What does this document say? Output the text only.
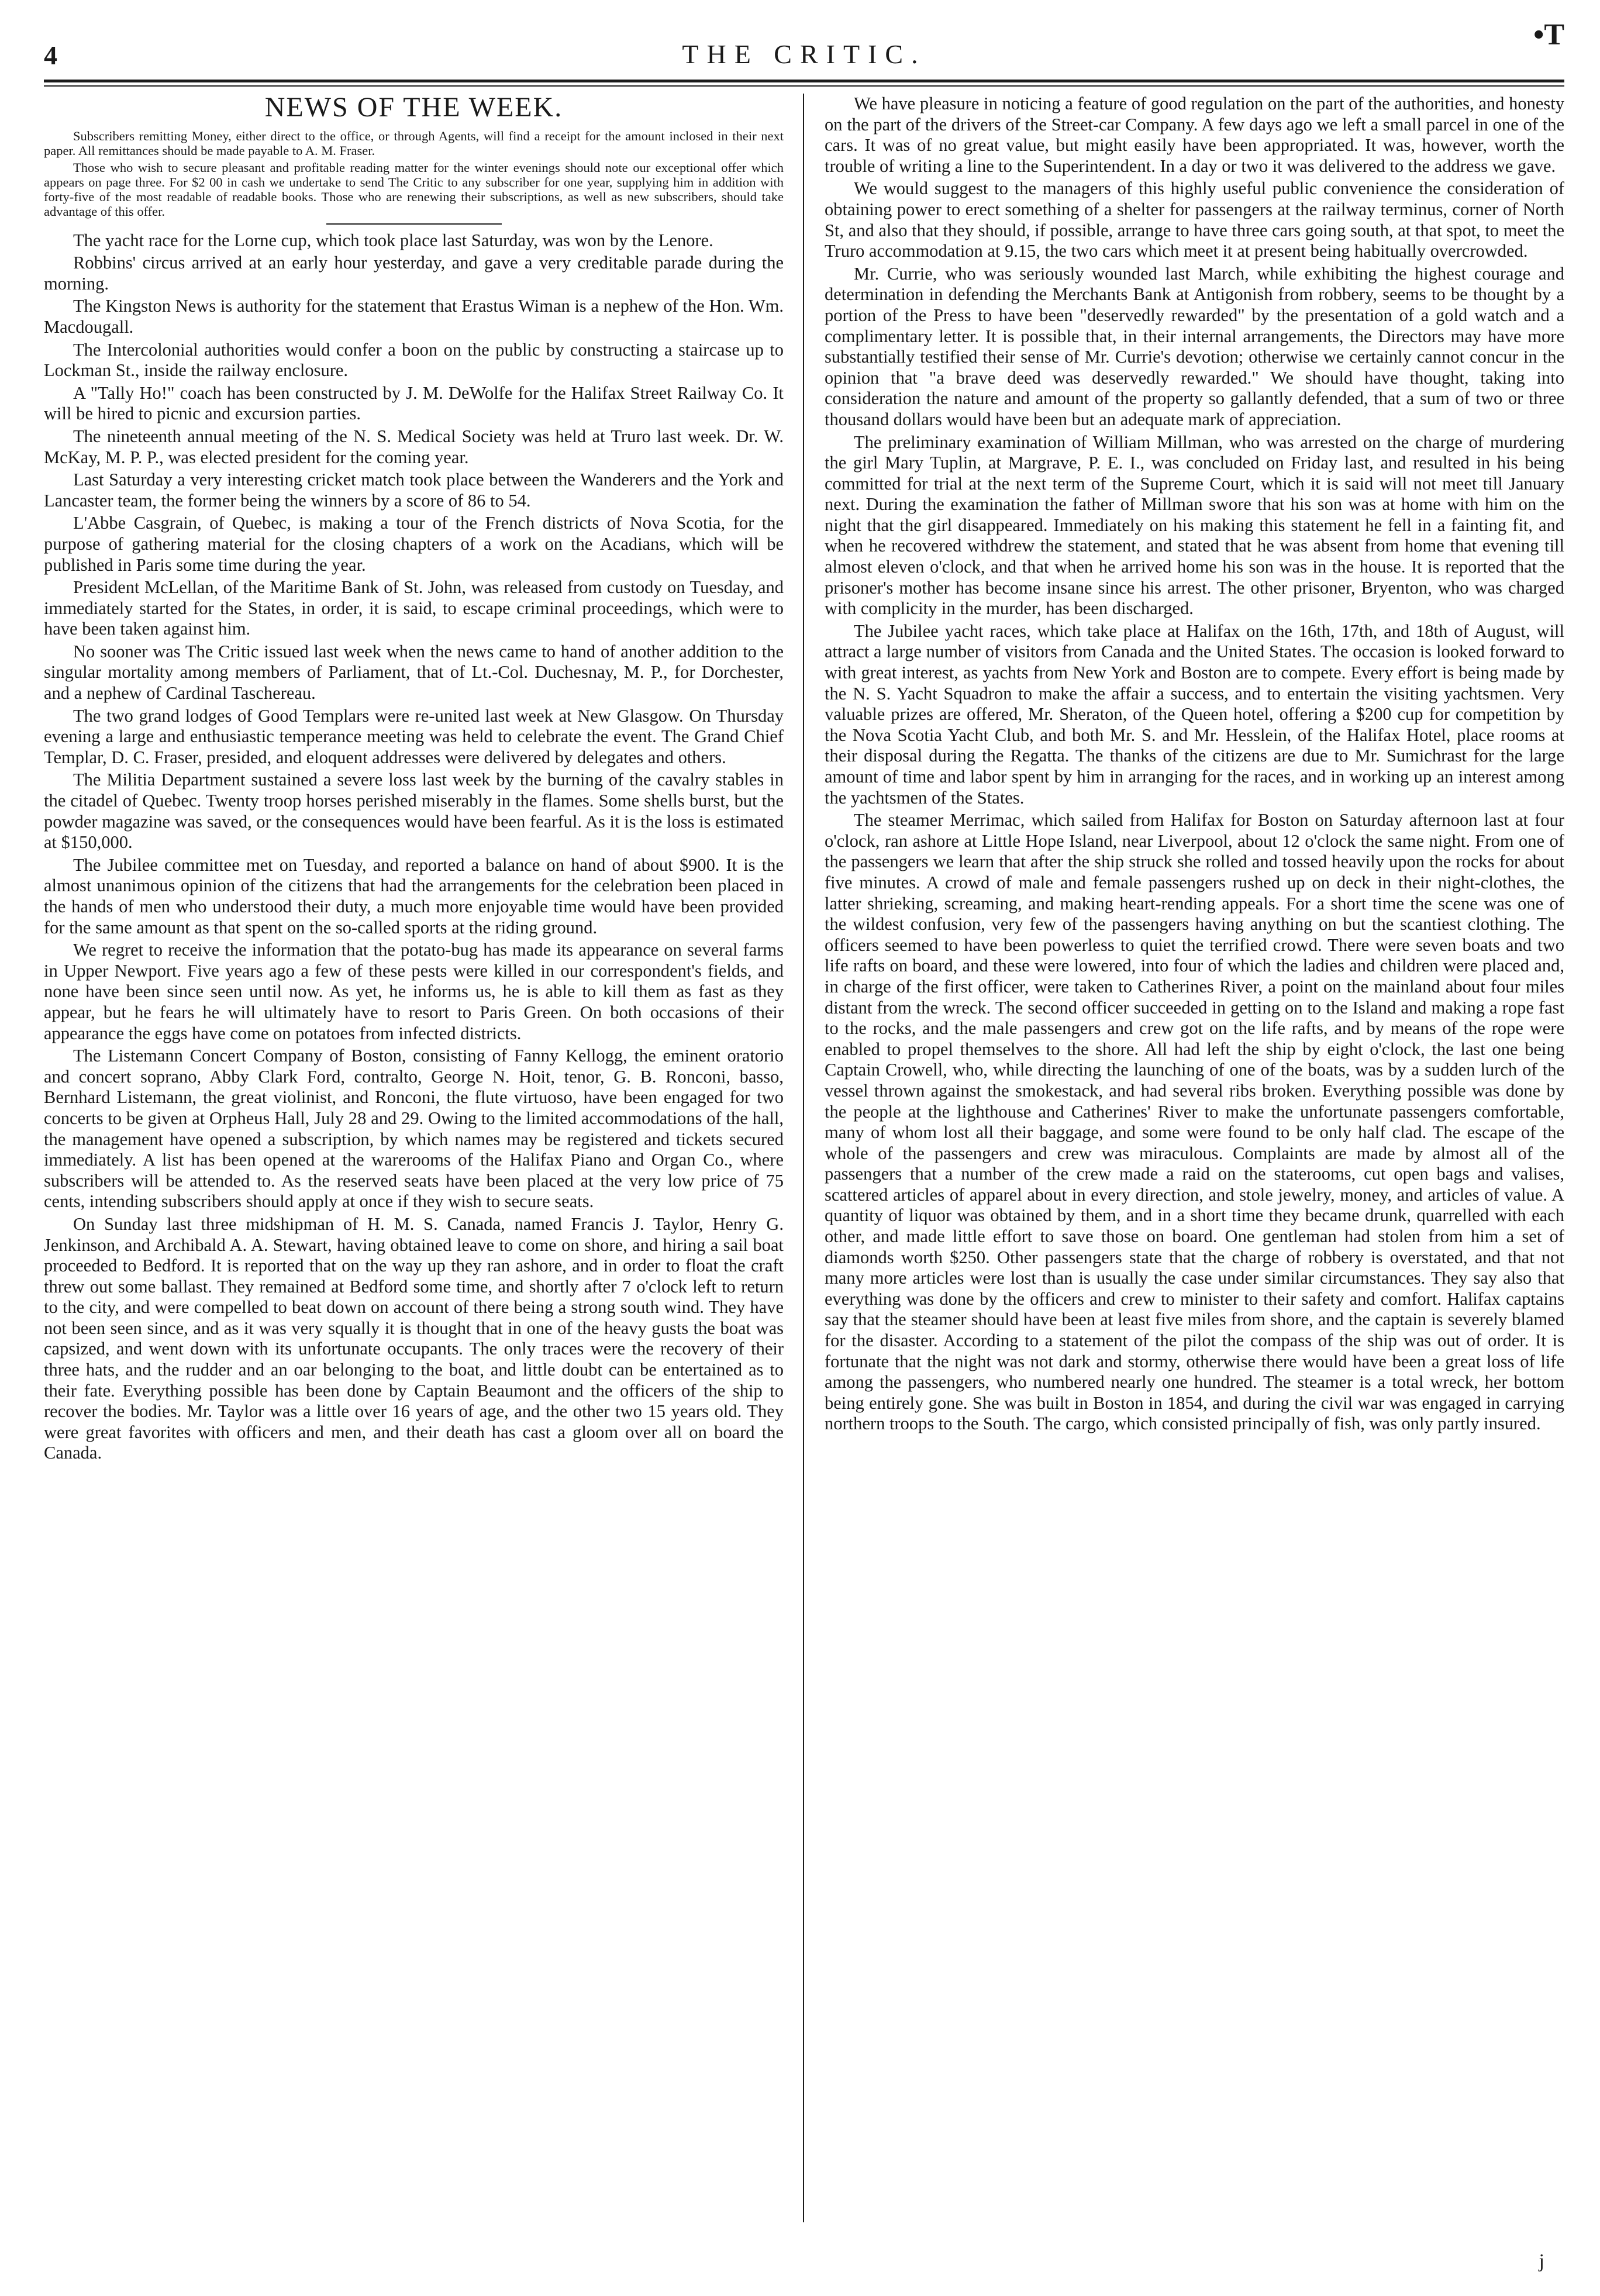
4	THE CRITIC.
•T
NEWS OF THE WEEK.

Subscribers remitting Money, either direct to the office, or through Agents, will find a receipt for the amount inclosed in their next paper. All remittances should be made payable to A. M. Fraser.

Those who wish to secure pleasant and profitable reading matter for the winter evenings should note our exceptional offer which appears on page three. For $2 00 in cash we undertake to send The Critic to any subscriber for one year, supplying him in addition with forty-five of the most readable of readable books. Those who are renewing their subscriptions, as well as new subscribers, should take advantage of this offer.

The yacht race for the Lorne cup, which took place last Saturday, was won by the Lenore.

Robbins' circus arrived at an early hour yesterday, and gave a very creditable parade during the morning.

The Kingston News is authority for the statement that Erastus Wiman is a nephew of the Hon. Wm. Macdougall.

The Intercolonial authorities would confer a boon on the public by constructing a staircase up to Lockman St., inside the railway enclosure.

A "Tally Ho!" coach has been constructed by J. M. DeWolfe for the Halifax Street Railway Co. It will be hired to picnic and excursion parties.

The nineteenth annual meeting of the N. S. Medical Society was held at Truro last week. Dr. W. McKay, M. P. P., was elected president for the coming year.

Last Saturday a very interesting cricket match took place between the Wanderers and the York and Lancaster team, the former being the winners by a score of 86 to 54.

L'Abbe Casgrain, of Quebec, is making a tour of the French districts of Nova Scotia, for the purpose of gathering material for the closing chapters of a work on the Acadians, which will be published in Paris some time during the year.

President McLellan, of the Maritime Bank of St. John, was released from custody on Tuesday, and immediately started for the States, in order, it is said, to escape criminal proceedings, which were to have been taken against him.

No sooner was The Critic issued last week when the news came to hand of another addition to the singular mortality among members of Parliament, that of Lt.-Col. Duchesnay, M. P., for Dorchester, and a nephew of Cardinal Taschereau.

The two grand lodges of Good Templars were re-united last week at New Glasgow. On Thursday evening a large and enthusiastic temperance meeting was held to celebrate the event. The Grand Chief Templar, D. C. Fraser, presided, and eloquent addresses were delivered by delegates and others.

The Militia Department sustained a severe loss last week by the burning of the cavalry stables in the citadel of Quebec. Twenty troop horses perished miserably in the flames. Some shells burst, but the powder magazine was saved, or the consequences would have been fearful. As it is the loss is estimated at $150,000.

The Jubilee committee met on Tuesday, and reported a balance on hand of about $900. It is the almost unanimous opinion of the citizens that had the arrangements for the celebration been placed in the hands of men who understood their duty, a much more enjoyable time would have been provided for the same amount as that spent on the so-called sports at the riding ground.

We regret to receive the information that the potato-bug has made its appearance on several farms in Upper Newport. Five years ago a few of these pests were killed in our correspondent's fields, and none have been since seen until now. As yet, he informs us, he is able to kill them as fast as they appear, but he fears he will ultimately have to resort to Paris Green. On both occasions of their appearance the eggs have come on potatoes from infected districts.

The Listemann Concert Company of Boston, consisting of Fanny Kellogg, the eminent oratorio and concert soprano, Abby Clark Ford, contralto, George N. Hoit, tenor, G. B. Ronconi, basso, Bernhard Listemann, the great violinist, and Ronconi, the flute virtuoso, have been engaged for two concerts to be given at Orpheus Hall, July 28 and 29. Owing to the limited accommodations of the hall, the management have opened a subscription, by which names may be registered and tickets secured immediately. A list has been opened at the warerooms of the Halifax Piano and Organ Co., where subscribers will be attended to. As the reserved seats have been placed at the very low price of 75 cents, intending subscribers should apply at once if they wish to secure seats.

On Sunday last three midshipman of H. M. S. Canada, named Francis J. Taylor, Henry G. Jenkinson, and Archibald A. A. Stewart, having obtained leave to come on shore, and hiring a sail boat proceeded to Bedford. It is reported that on the way up they ran ashore, and in order to float the craft threw out some ballast. They remained at Bedford some time, and shortly after 7 o'clock left to return to the city, and were compelled to beat down on account of there being a strong south wind. They have not been seen since, and as it was very squally it is thought that in one of the heavy gusts the boat was capsized, and went down with its unfortunate occupants. The only traces were the recovery of their three hats, and the rudder and an oar belonging to the boat, and little doubt can be entertained as to their fate. Everything possible has been done by Captain Beaumont and the officers of the ship to recover the bodies. Mr. Taylor was a little over 16 years of age, and the other two 15 years old. They were great favorites with officers and men, and their death has cast a gloom over all on board the Canada.

We have pleasure in noticing a feature of good regulation on the part of the authorities, and honesty on the part of the drivers of the Street-car Company. A few days ago we left a small parcel in one of the cars. It was of no great value, but might easily have been appropriated. It was, however, worth the trouble of writing a line to the Superintendent. In a day or two it was delivered to the address we gave.

We would suggest to the managers of this highly useful public convenience the consideration of obtaining power to erect something of a shelter for passengers at the railway terminus, corner of North St, and also that they should, if possible, arrange to have three cars going south, at that spot, to meet the Truro accommodation at 9.15, the two cars which meet it at present being habitually overcrowded.

Mr. Currie, who was seriously wounded last March, while exhibiting the highest courage and determination in defending the Merchants Bank at Antigonish from robbery, seems to be thought by a portion of the Press to have been "deservedly rewarded" by the presentation of a gold watch and a complimentary letter. It is possible that, in their internal arrangements, the Directors may have more substantially testified their sense of Mr. Currie's devotion; otherwise we certainly cannot concur in the opinion that "a brave deed was deservedly rewarded." We should have thought, taking into consideration the nature and amount of the property so gallantly defended, that a sum of two or three thousand dollars would have been but an adequate mark of appreciation.

The preliminary examination of William Millman, who was arrested on the charge of murdering the girl Mary Tuplin, at Margrave, P. E. I., was concluded on Friday last, and resulted in his being committed for trial at the next term of the Supreme Court, which it is said will not meet till January next. During the examination the father of Millman swore that his son was at home with him on the night that the girl disappeared. Immediately on his making this statement he fell in a fainting fit, and when he recovered withdrew the statement, and stated that he was absent from home that evening till almost eleven o'clock, and that when he arrived home his son was in the house. It is reported that the prisoner's mother has become insane since his arrest. The other prisoner, Bryenton, who was charged with complicity in the murder, has been discharged.

The Jubilee yacht races, which take place at Halifax on the 16th, 17th, and 18th of August, will attract a large number of visitors from Canada and the United States. The occasion is looked forward to with great interest, as yachts from New York and Boston are to compete. Every effort is being made by the N. S. Yacht Squadron to make the affair a success, and to entertain the visiting yachtsmen. Very valuable prizes are offered, Mr. Sheraton, of the Queen hotel, offering a $200 cup for competition by the Nova Scotia Yacht Club, and both Mr. S. and Mr. Hesslein, of the Halifax Hotel, place rooms at their disposal during the Regatta. The thanks of the citizens are due to Mr. Sumichrast for the large amount of time and labor spent by him in arranging for the races, and in working up an interest among the yachtsmen of the States.

The steamer Merrimac, which sailed from Halifax for Boston on Saturday afternoon last at four o'clock, ran ashore at Little Hope Island, near Liverpool, about 12 o'clock the same night. From one of the passengers we learn that after the ship struck she rolled and tossed heavily upon the rocks for about five minutes. A crowd of male and female passengers rushed up on deck in their night-clothes, the latter shrieking, screaming, and making heart-rending appeals. For a short time the scene was one of the wildest confusion, very few of the passengers having anything on but the scantiest clothing. The officers seemed to have been powerless to quiet the terrified crowd. There were seven boats and two life rafts on board, and these were lowered, into four of which the ladies and children were placed and, in charge of the first officer, were taken to Catherines River, a point on the mainland about four miles distant from the wreck. The second officer succeeded in getting on to the Island and making a rope fast to the rocks, and the male passengers and crew got on the life rafts, and by means of the rope were enabled to propel themselves to the shore. All had left the ship by eight o'clock, the last one being Captain Crowell, who, while directing the launching of one of the boats, was by a sudden lurch of the vessel thrown against the smokestack, and had several ribs broken. Everything possible was done by the people at the lighthouse and Catherines' River to make the unfortunate passengers comfortable, many of whom lost all their baggage, and some were found to be only half clad. The escape of the whole of the passengers and crew was miraculous. Complaints are made by almost all of the passengers that a number of the crew made a raid on the staterooms, cut open bags and valises, scattered articles of apparel about in every direction, and stole jewelry, money, and articles of value. A quantity of liquor was obtained by them, and in a short time they became drunk, quarrelled with each other, and made little effort to save those on board. One gentleman had stolen from him a set of diamonds worth $250. Other passengers state that the charge of robbery is overstated, and that not many more articles were lost than is usually the case under similar circumstances. They say also that everything was done by the officers and crew to minister to their safety and comfort. Halifax captains say that the steamer should have been at least five miles from shore, and the captain is severely blamed for the disaster. According to a statement of the pilot the compass of the ship was out of order. It is fortunate that the night was not dark and stormy, otherwise there would have been a great loss of life among the passengers, who numbered nearly one hundred. The steamer is a total wreck, her bottom being entirely gone. She was built in Boston in 1854, and during the civil war was engaged in carrying northern troops to the South. The cargo, which consisted principally of fish, was only partly insured.

j
